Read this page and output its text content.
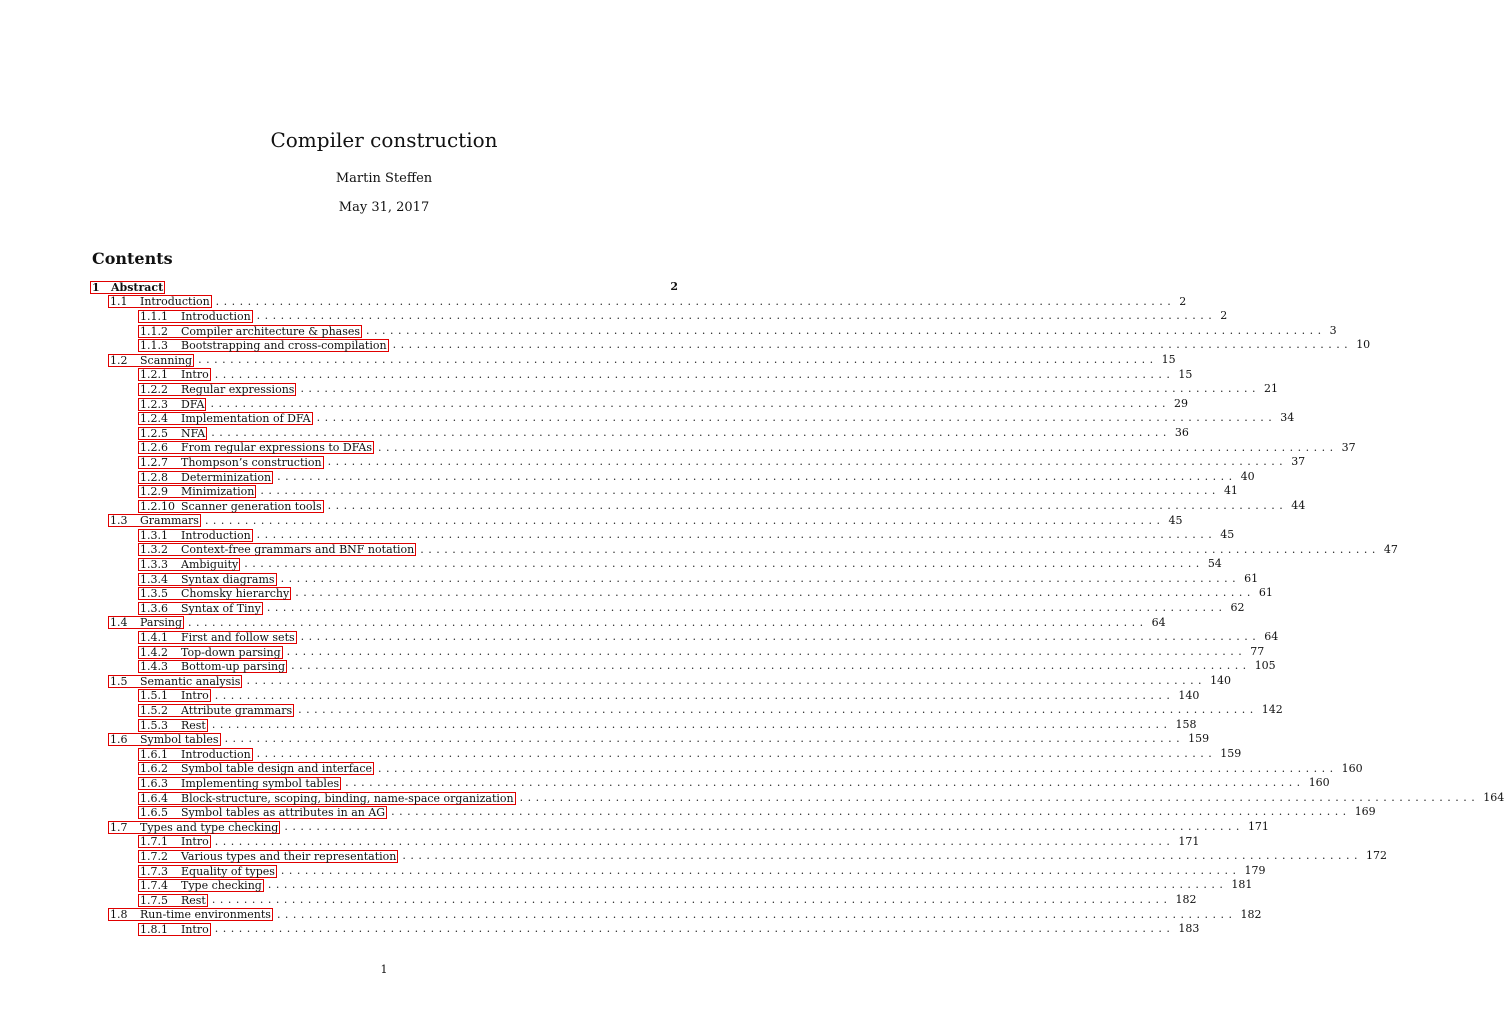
Compiler construction
Martin Steffen
May 31, 2017
Contents
1	Abstract	2
1.1	Introduction ........................................................................................................................ 2
1.1.1	Introduction ........................................................................................................................ 2
1.1.2	Compiler architecture & phases ........................................................................................................................ 3
1.1.3	Bootstrapping and cross-compilation ........................................................................................................................ 10
1.2	Scanning ........................................................................................................................ 15
1.2.1	Intro ........................................................................................................................ 15
1.2.2	Regular expressions ........................................................................................................................ 21
1.2.3	DFA ........................................................................................................................ 29
1.2.4	Implementation of DFA ........................................................................................................................ 34
1.2.5	NFA ........................................................................................................................ 36
1.2.6	From regular expressions to DFAs ........................................................................................................................ 37
1.2.7	Thompson’s construction ........................................................................................................................ 37
1.2.8	Determinization ........................................................................................................................ 40
1.2.9	Minimization ........................................................................................................................ 41
1.2.10 Scanner generation tools ........................................................................................................................ 44
1.3	Grammars ........................................................................................................................ 45
1.3.1	Introduction ........................................................................................................................ 45
1.3.2	Context-free grammars and BNF notation ........................................................................................................................ 47
1.3.3	Ambiguity ........................................................................................................................ 54
1.3.4	Syntax diagrams ........................................................................................................................ 61
1.3.5	Chomsky hierarchy ........................................................................................................................ 61
1.3.6	Syntax of Tiny ........................................................................................................................ 62
1.4	Parsing ........................................................................................................................ 64
1.4.1	First and follow sets ........................................................................................................................ 64
1.4.2	Top-down parsing ........................................................................................................................ 77
1.4.3	Bottom-up parsing ........................................................................................................................ 105
1.5	Semantic analysis ........................................................................................................................ 140
1.5.1	Intro ........................................................................................................................ 140
1.5.2	Attribute grammars ........................................................................................................................ 142
1.5.3	Rest ........................................................................................................................ 158
1.6	Symbol tables ........................................................................................................................ 159
1.6.1	Introduction ........................................................................................................................ 159
1.6.2	Symbol table design and interface ........................................................................................................................ 160
1.6.3	Implementing symbol tables ........................................................................................................................ 160
1.6.4	Block-structure, scoping, binding, name-space organization ........................................................................................................................ 164
1.6.5	Symbol tables as attributes in an AG ........................................................................................................................ 169
1.7	Types and type checking ........................................................................................................................ 171
1.7.1	Intro ........................................................................................................................ 171
1.7.2	Various types and their representation ........................................................................................................................ 172
1.7.3	Equality of types ........................................................................................................................ 179
1.7.4	Type checking ........................................................................................................................ 181
1.7.5	Rest ........................................................................................................................ 182
1.8	Run-time environments ........................................................................................................................ 182
1.8.1	Intro ........................................................................................................................ 183
1
